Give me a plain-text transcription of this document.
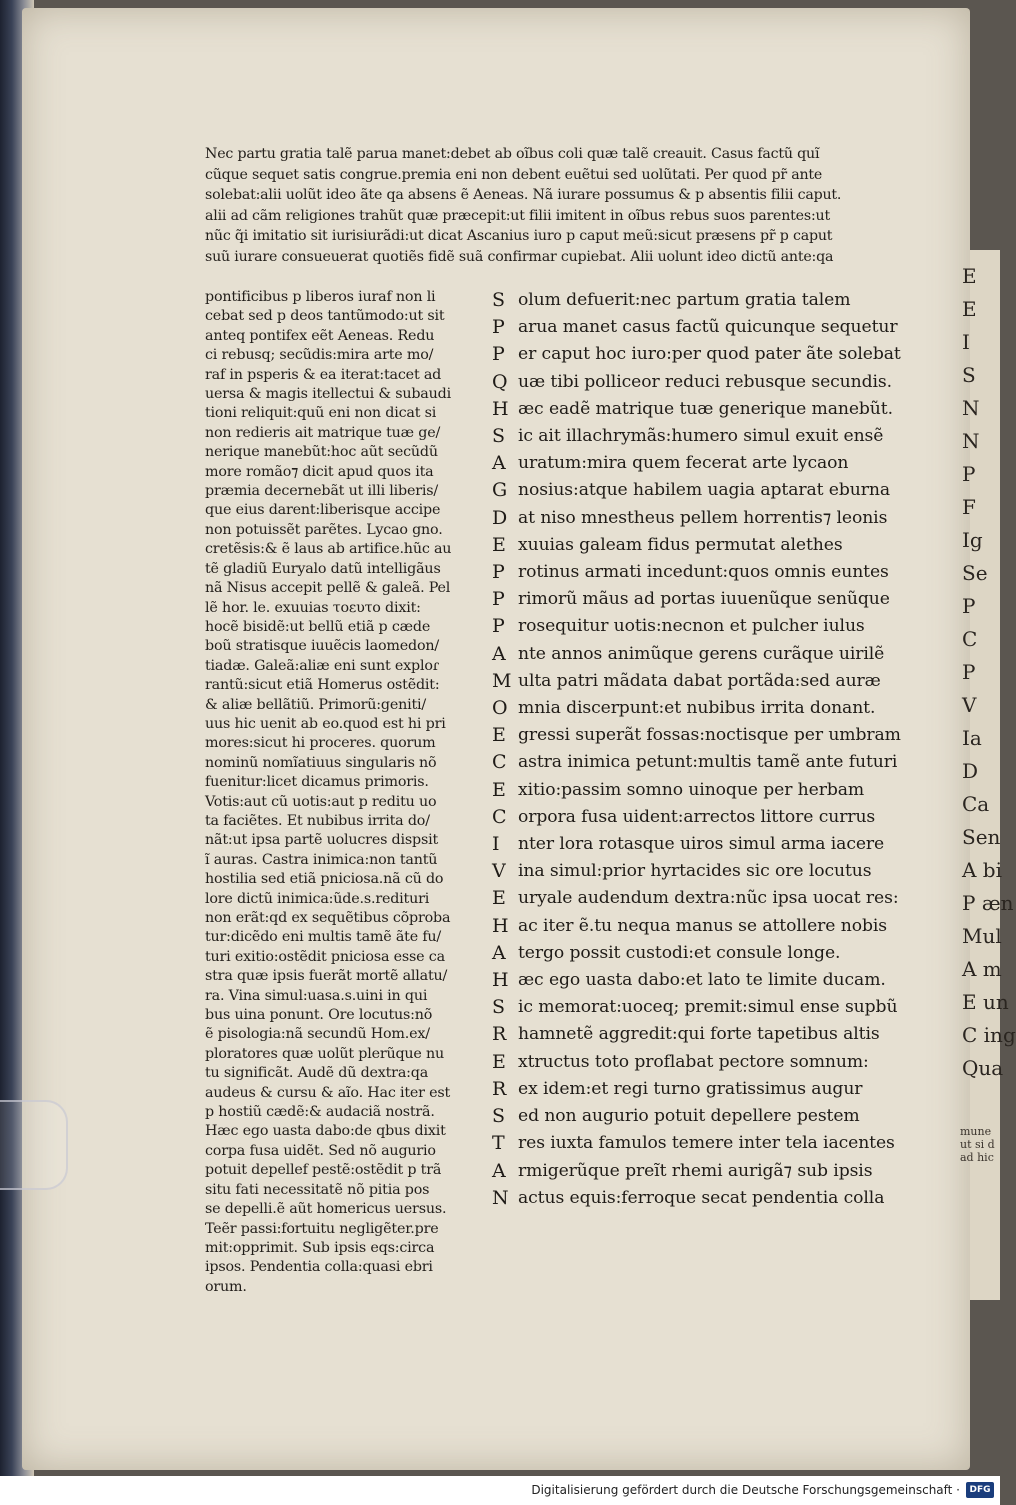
E
E
I
S
N
N
P
F
Ig
Se
P
C
P
V
Ia
D
Ca
Sen
A bi
P æn
Mul
A m
E un
C ing
Qua
mune
ut si d
ad hic
Nec partu gratia talẽ parua manet:debet ab oĩbus coli quæ talẽ creauit. Casus factũ quĩ
cũque sequet satis congrue.premia eni non debent euẽtui sed uolũtati. Per quod pr̃ ante
solebat:alii uolũt ideo ãte qa absens ẽ Aeneas. Nã iurare possumus & p absentis filii caput.
alii ad cãm religiones trahũt quæ præcepit:ut filii imitent in oĩbus rebus suos parentes:ut
nũc q̃i imitatio sit iurisiurãdi:ut dicat Ascanius iuro p caput meũ:sicut præsens pr̃ p caput
suũ iurare consueuerat quotiẽs fidẽ suã confirmar cupiebat. Alii uolunt ideo dictũ ante:qa
pontificibus p liberos iuraf non li
cebat sed p deos tantũmodo:ut sit
anteq pontifex eẽt Aeneas. Redu
ci rebusq; secũdis:mira arte mo/
raf in psperis & ea iterat:tacet ad
uersa & magis itellectui & subaudi
tioni reliquit:quũ eni non dicat si
non redieris ait matrique tuæ ge/
nerique manebũt:hoc aũt secũdũ
more romão⁊ dicit apud quos ita
præmia decernebãt ut illi liberis/
que eius darent:liberisque accipe
non potuissẽt parẽtes. Lycao gno.
cretẽsis:& ẽ laus ab artifice.hũc au
tẽ gladiũ Euryalo datũ intelligãus
nã Nisus accepit pellẽ & galeã. Pel
lẽ hor. le. exuuias τοευτο dixit:
hocẽ bisidẽ:ut bellũ etiã p cæde
boũ stratisque iuuẽcis laomedon/
tiadæ. Galeã:aliæ eni sunt exploɾ
rantũ:sicut etiã Homerus ostẽdit:
& aliæ bellãtiũ. Primorũ:geniti/
uus hic uenit ab eo.quod est hi pri
mores:sicut hi proceres. quorum
nominũ nomĩatiuus singularis nõ
fuenitur:licet dicamus primoris.
Votis:aut cũ uotis:aut p reditu uo
ta faciẽtes. Et nubibus irrita do/
nãt:ut ipsa partẽ uolucres dispsit
ĩ auras. Castra inimica:non tantũ
hostilia sed etiã pniciosa.nã cũ do
lore dictũ inimica:ũde.s.redituri
non erãt:qd ex sequẽtibus cõproba
tur:dicẽdo eni multis tamẽ ãte fu/
turi exitio:ostẽdit pniciosa esse ca
stra quæ ipsis fuerãt mortẽ allatu/
ra. Vina simul:uasa.s.uini in qui
bus uina ponunt. Ore locutus:nõ
ẽ pisologia:nã secundũ Hom.ex/
ploratores quæ uolũt plerũque nu
tu significãt. Audẽ dũ dextra:qa
audeus & cursu & aĩo. Hac iter est
p hostiũ cædẽ:& audaciã nostrã.
Hæc ego uasta dabo:de qbus dixit
corpa fusa uidẽt. Sed nõ augurio
potuit depellef pestẽ:ostẽdit p trã
situ fati necessitatẽ nõ pitia pos
se depelli.ẽ aũt homericus uersus.
Teẽr passi:fortuitu negligẽter.pre
mit:opprimit. Sub ipsis eqs:circa
ipsos. Pendentia colla:quasi ebri
orum.
S olum defuerit:nec partum gratia talem
P arua manet casus factũ quicunque sequetur
P er caput hoc iuro:per quod pater ãte solebat
Q uæ tibi polliceor reduci rebusque secundis.
H æc eadẽ matrique tuæ generique manebũt.
S ic ait illachrymãs:humero simul exuit ensẽ
A uratum:mira quem fecerat arte lycaon
G nosius:atque habilem uagia aptarat eburna
D at niso mnestheus pellem horrentis⁊ leonis
E xuuias galeam fidus permutat alethes
P rotinus armati incedunt:quos omnis euntes
P rimorũ mãus ad portas iuuenũque senũque
P rosequitur uotis:necnon et pulcher iulus
A nte annos animũque gerens curãque uirilẽ
M ulta patri mãdata dabat portãda:sed auræ
O mnia discerpunt:et nubibus irrita donant.
E gressi superãt fossas:noctisque per umbram
C astra inimica petunt:multis tamẽ ante futuri
E xitio:passim somno uinoque per herbam
C orpora fusa uident:arrectos littore currus
I	nter lora rotasque uiros simul arma iacere
V ina simul:prior hyrtacides sic ore locutus
E uryale audendum dextra:nũc ipsa uocat res:
H ac iter ẽ.tu nequa manus se attollere nobis
A tergo possit custodi:et consule longe.
H æc ego uasta dabo:et lato te limite ducam.
S ic memorat:uoceq; premit:simul ense supbũ
R hamnetẽ aggredit:qui forte tapetibus altis
E xtructus toto proflabat pectore somnum:
R ex idem:et regi turno gratissimus augur
S ed non augurio potuit depellere pestem
T res iuxta famulos temere inter tela iacentes
A rmigerũque preĩt rhemi aurigã⁊ sub ipsis
N actus equis:ferroque secat pendentia colla
Digitalisierung gefördert durch die Deutsche Forschungsgemeinschaft ·	DFG
